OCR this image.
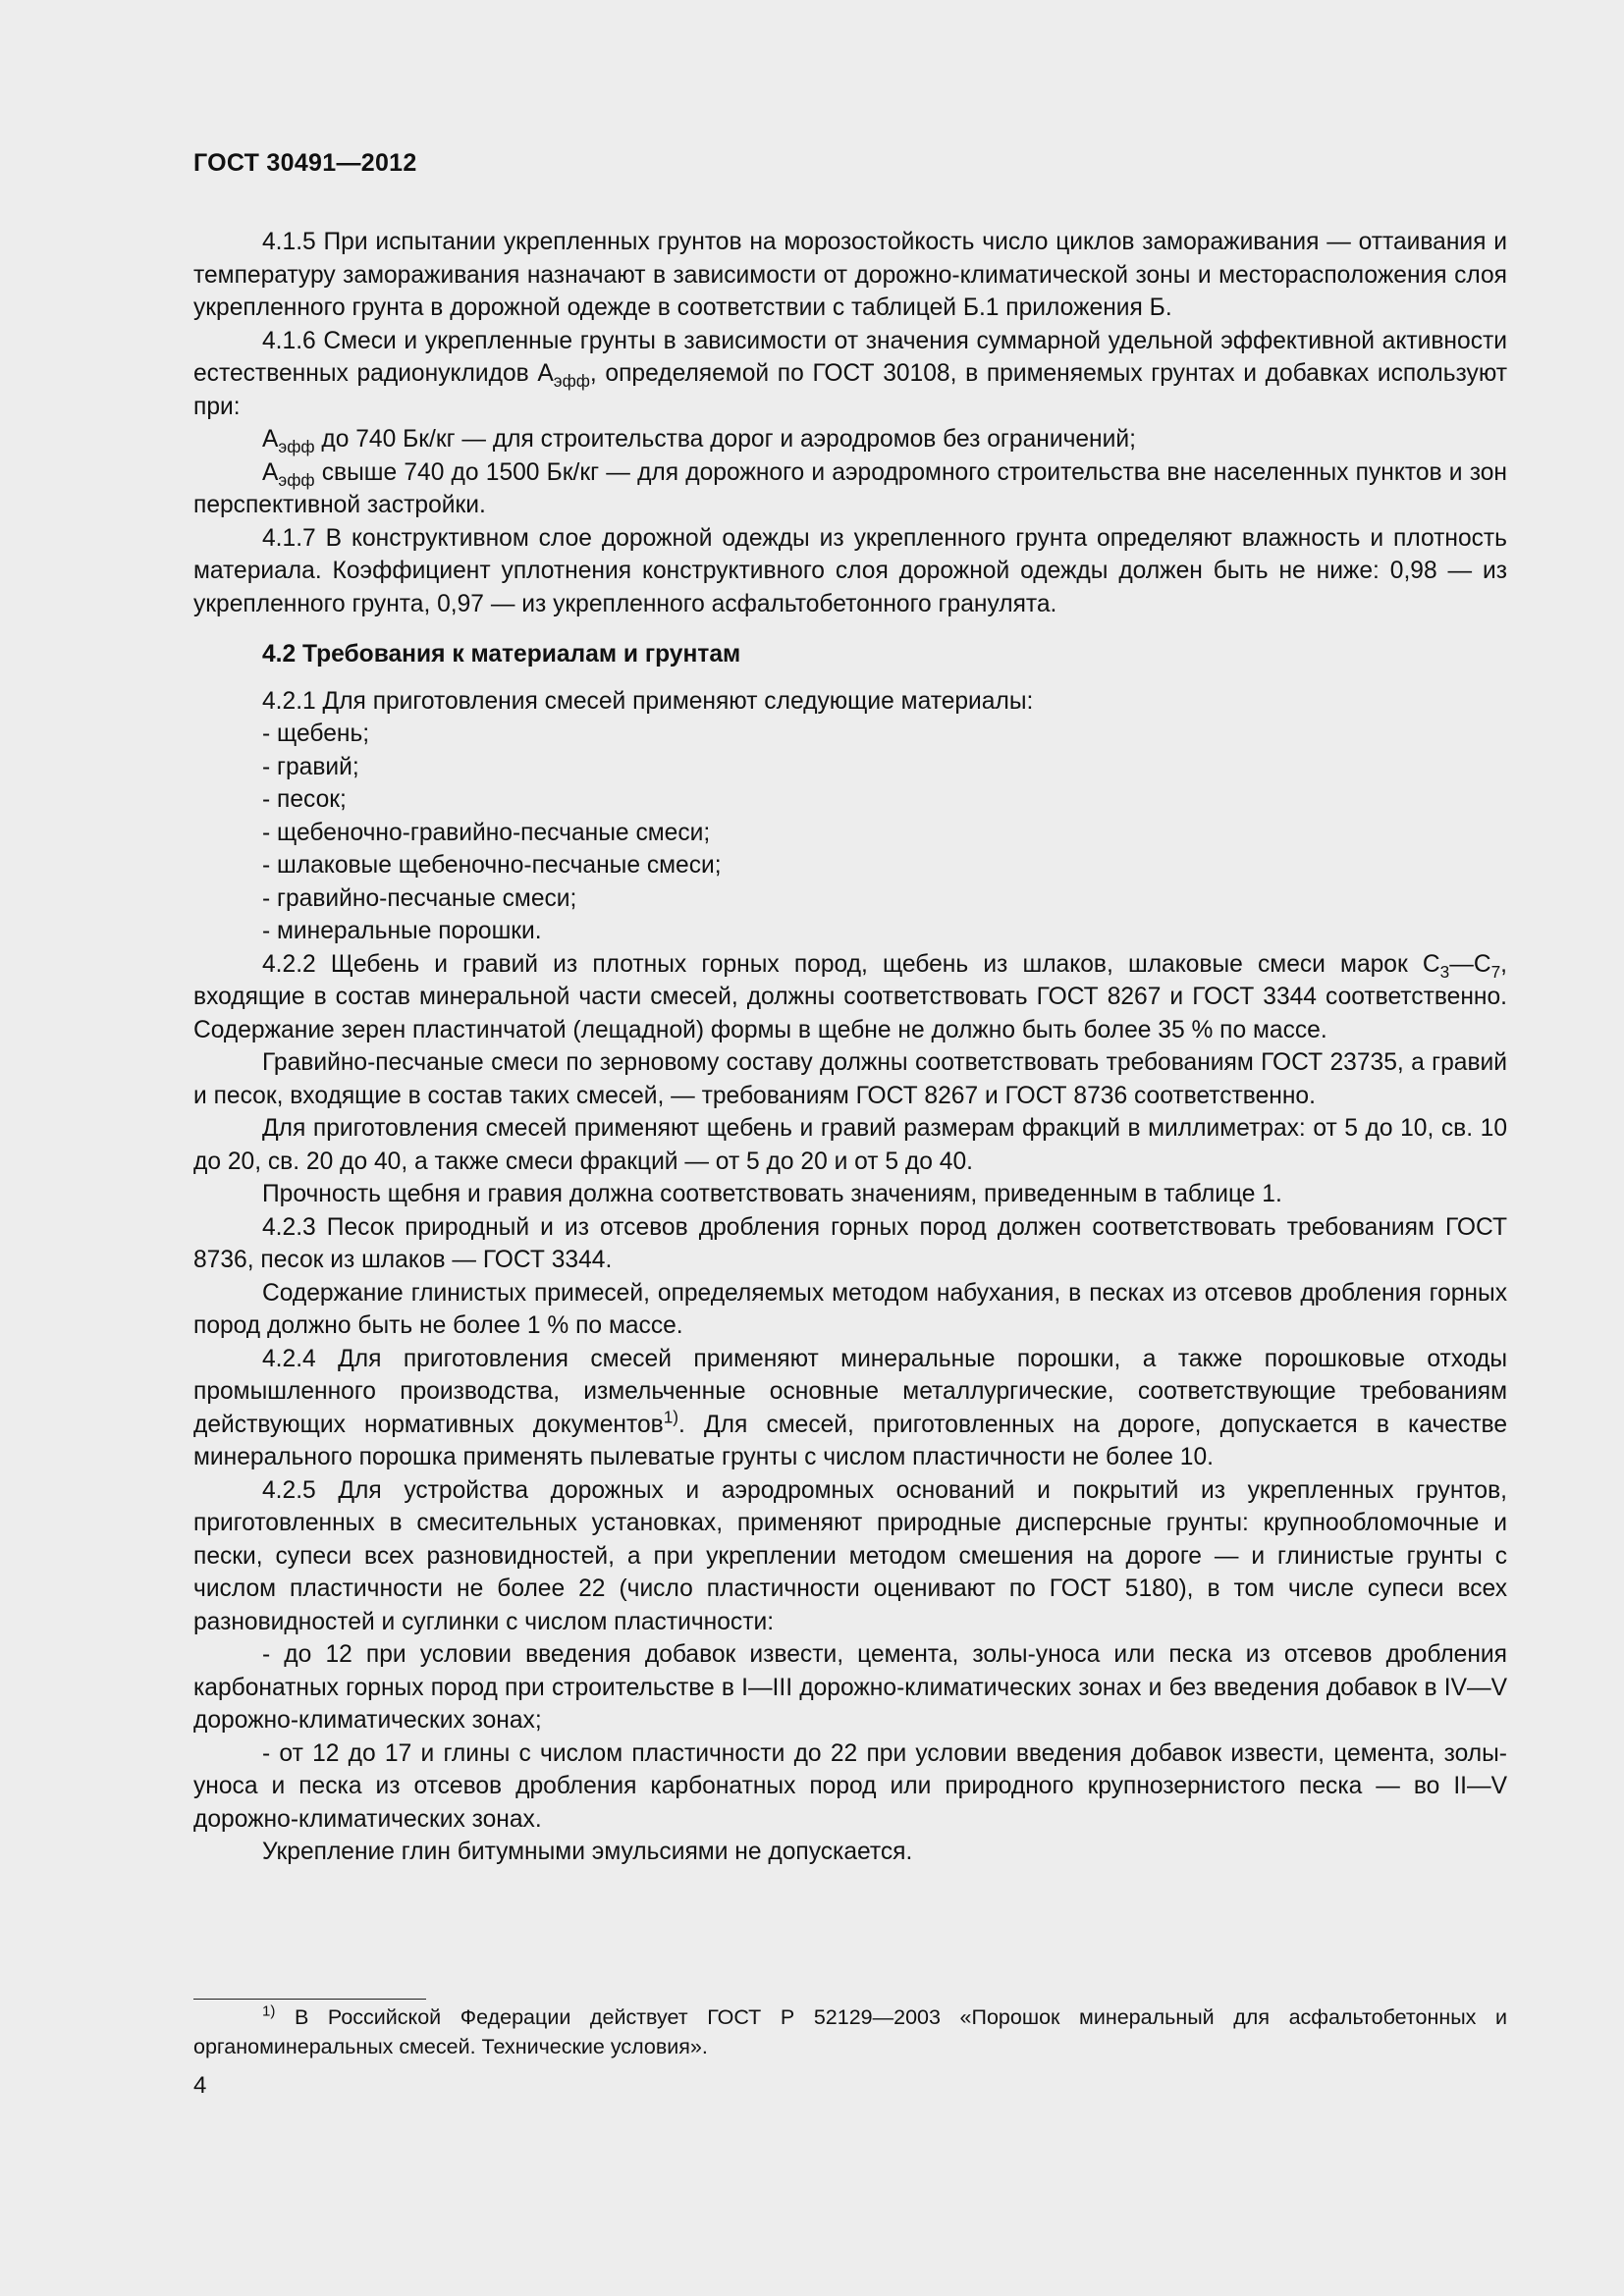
ГОСТ 30491—2012

4.1.5 При испытании укрепленных грунтов на морозостойкость число циклов замораживания — оттаивания и температуру замораживания назначают в зависимости от дорожно-климатической зоны и месторасположения слоя укрепленного грунта в дорожной одежде в соответствии с таблицей Б.1 приложения Б.

4.1.6 Смеси и укрепленные грунты в зависимости от значения суммарной удельной эффективной активности естественных радионуклидов $А_{эфф}$, определяемой по ГОСТ 30108, в применяемых грунтах и добавках используют при:

$А_{эфф}$ до 740 Бк/кг — для строительства дорог и аэродромов без ограничений;

$А_{эфф}$ свыше 740 до 1500 Бк/кг — для дорожного и аэродромного строительства вне населенных пунктов и зон перспективной застройки.

4.1.7 В конструктивном слое дорожной одежды из укрепленного грунта определяют влажность и плотность материала. Коэффициент уплотнения конструктивного слоя дорожной одежды должен быть не ниже: 0,98 — из укрепленного грунта, 0,97 — из укрепленного асфальтобетонного гранулята.

4.2 Требования к материалам и грунтам

4.2.1 Для приготовления смесей применяют следующие материалы:

- щебень;

- гравий;

- песок;

- щебеночно-гравийно-песчаные смеси;

- шлаковые щебеночно-песчаные смеси;

- гравийно-песчаные смеси;

- минеральные порошки.

4.2.2 Щебень и гравий из плотных горных пород, щебень из шлаков, шлаковые смеси марок $С_3—С_7$, входящие в состав минеральной части смесей, должны соответствовать ГОСТ 8267 и ГОСТ 3344 соответственно. Содержание зерен пластинчатой (лещадной) формы в щебне не должно быть более 35 % по массе.

Гравийно-песчаные смеси по зерновому составу должны соответствовать требованиям ГОСТ 23735, а гравий и песок, входящие в состав таких смесей, — требованиям ГОСТ 8267 и ГОСТ 8736 соответственно.

Для приготовления смесей применяют щебень и гравий размерам фракций в миллиметрах: от 5 до 10, св. 10 до 20, св. 20 до 40, а также смеси фракций — от 5 до 20 и от 5 до 40.

Прочность щебня и гравия должна соответствовать значениям, приведенным в таблице 1.

4.2.3 Песок природный и из отсевов дробления горных пород должен соответствовать требованиям ГОСТ 8736, песок из шлаков — ГОСТ 3344.

Содержание глинистых примесей, определяемых методом набухания, в песках из отсевов дробления горных пород должно быть не более 1 % по массе.

4.2.4 Для приготовления смесей применяют минеральные порошки, а также порошковые отходы промышленного производства, измельченные основные металлургические, соответствующие требованиям действующих нормативных документов$^{1)}$. Для смесей, приготовленных на дороге, допускается в качестве минерального порошка применять пылеватые грунты с числом пластичности не более 10.

4.2.5 Для устройства дорожных и аэродромных оснований и покрытий из укрепленных грунтов, приготовленных в смесительных установках, применяют природные дисперсные грунты: крупнообломочные и пески, супеси всех разновидностей, а при укреплении методом смешения на дороге — и глинистые грунты с числом пластичности не более 22 (число пластичности оценивают по ГОСТ 5180), в том числе супеси всех разновидностей и суглинки с числом пластичности:

- до 12 при условии введения добавок извести, цемента, золы-уноса или песка из отсевов дробления карбонатных горных пород при строительстве в I—III дорожно-климатических зонах и без введения добавок в IV—V дорожно-климатических зонах;

- от 12 до 17 и глины с числом пластичности до 22 при условии введения добавок извести, цемента, золы-уноса и песка из отсевов дробления карбонатных пород или природного крупнозернистого песка — во II—V дорожно-климатических зонах.

Укрепление глин битумными эмульсиями не допускается.

$^{1)}$ В Российской Федерации действует ГОСТ Р 52129—2003 «Порошок минеральный для асфальтобетонных и органоминеральных смесей. Технические условия».

4
